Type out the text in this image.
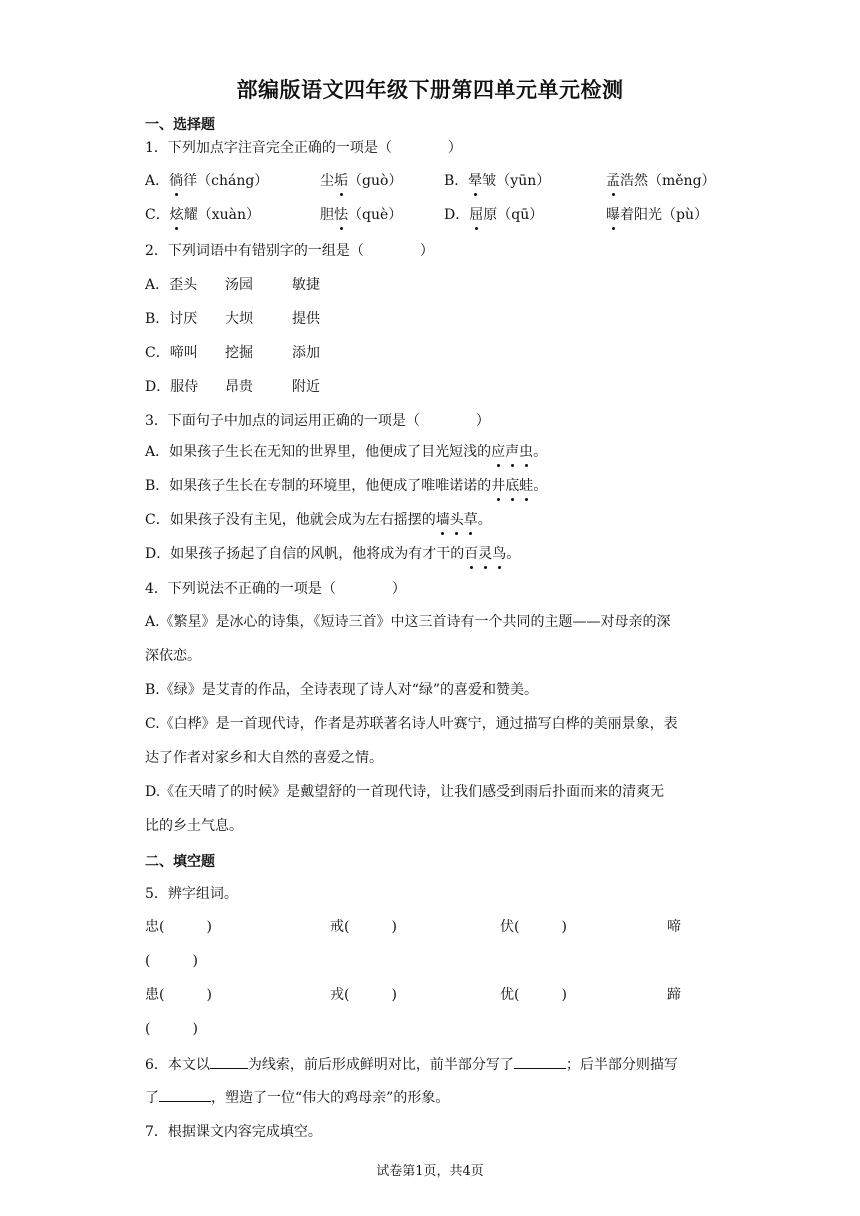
部编版语文四年级下册第四单元单元检测
一、选择题
1．下列加点字注音完全正确的一项是（　　　　）
A．徜徉（cháng）	尘垢（guò）	B．晕皱（yūn）	孟浩然（měng）
C．炫耀（xuàn）	胆怯（què）	D．屈原（qū）	曝着阳光（pù）
2．下列词语中有错别字的一组是（　　　　）
A．歪头 汤园	敏捷
B．讨厌 大坝	提供
C．啼叫 挖掘	添加
D．服侍 昂贵	附近
3．下面句子中加点的词运用正确的一项是（　　　　）
A．如果孩子生长在无知的世界里，他便成了目光短浅的应声虫。
B．如果孩子生长在专制的环境里，他便成了唯唯诺诺的井底蛙。
C．如果孩子没有主见，他就会成为左右摇摆的墙头草。
D．如果孩子扬起了自信的风帆，他将成为有才干的百灵鸟。
4．下列说法不正确的一项是（　　　　）
A.《繁星》是冰心的诗集，《短诗三首》中这三首诗有一个共同的主题——对母亲的深
深依恋。
B.《绿》是艾青的作品，全诗表现了诗人对“绿”的喜爱和赞美。
C.《白桦》是一首现代诗，作者是苏联著名诗人叶赛宁，通过描写白桦的美丽景象，表
达了作者对家乡和大自然的喜爱之情。
D.《在天晴了的时候》是戴望舒的一首现代诗，让我们感受到雨后扑面而来的清爽无
比的乡土气息。
二、填空题
5．辨字组词。
忠(　　　)	戒(　　　)	伏(　　　)	啼
(　　　)
患(　　　)	戎(　　　)	优(　　　)	蹄
(　　　)
6．本文以	为线索，前后形成鲜明对比，前半部分写了	；后半部分则描写
了	，塑造了一位“伟大的鸡母亲”的形象。
7．根据课文内容完成填空。
试卷第1页，共4页
